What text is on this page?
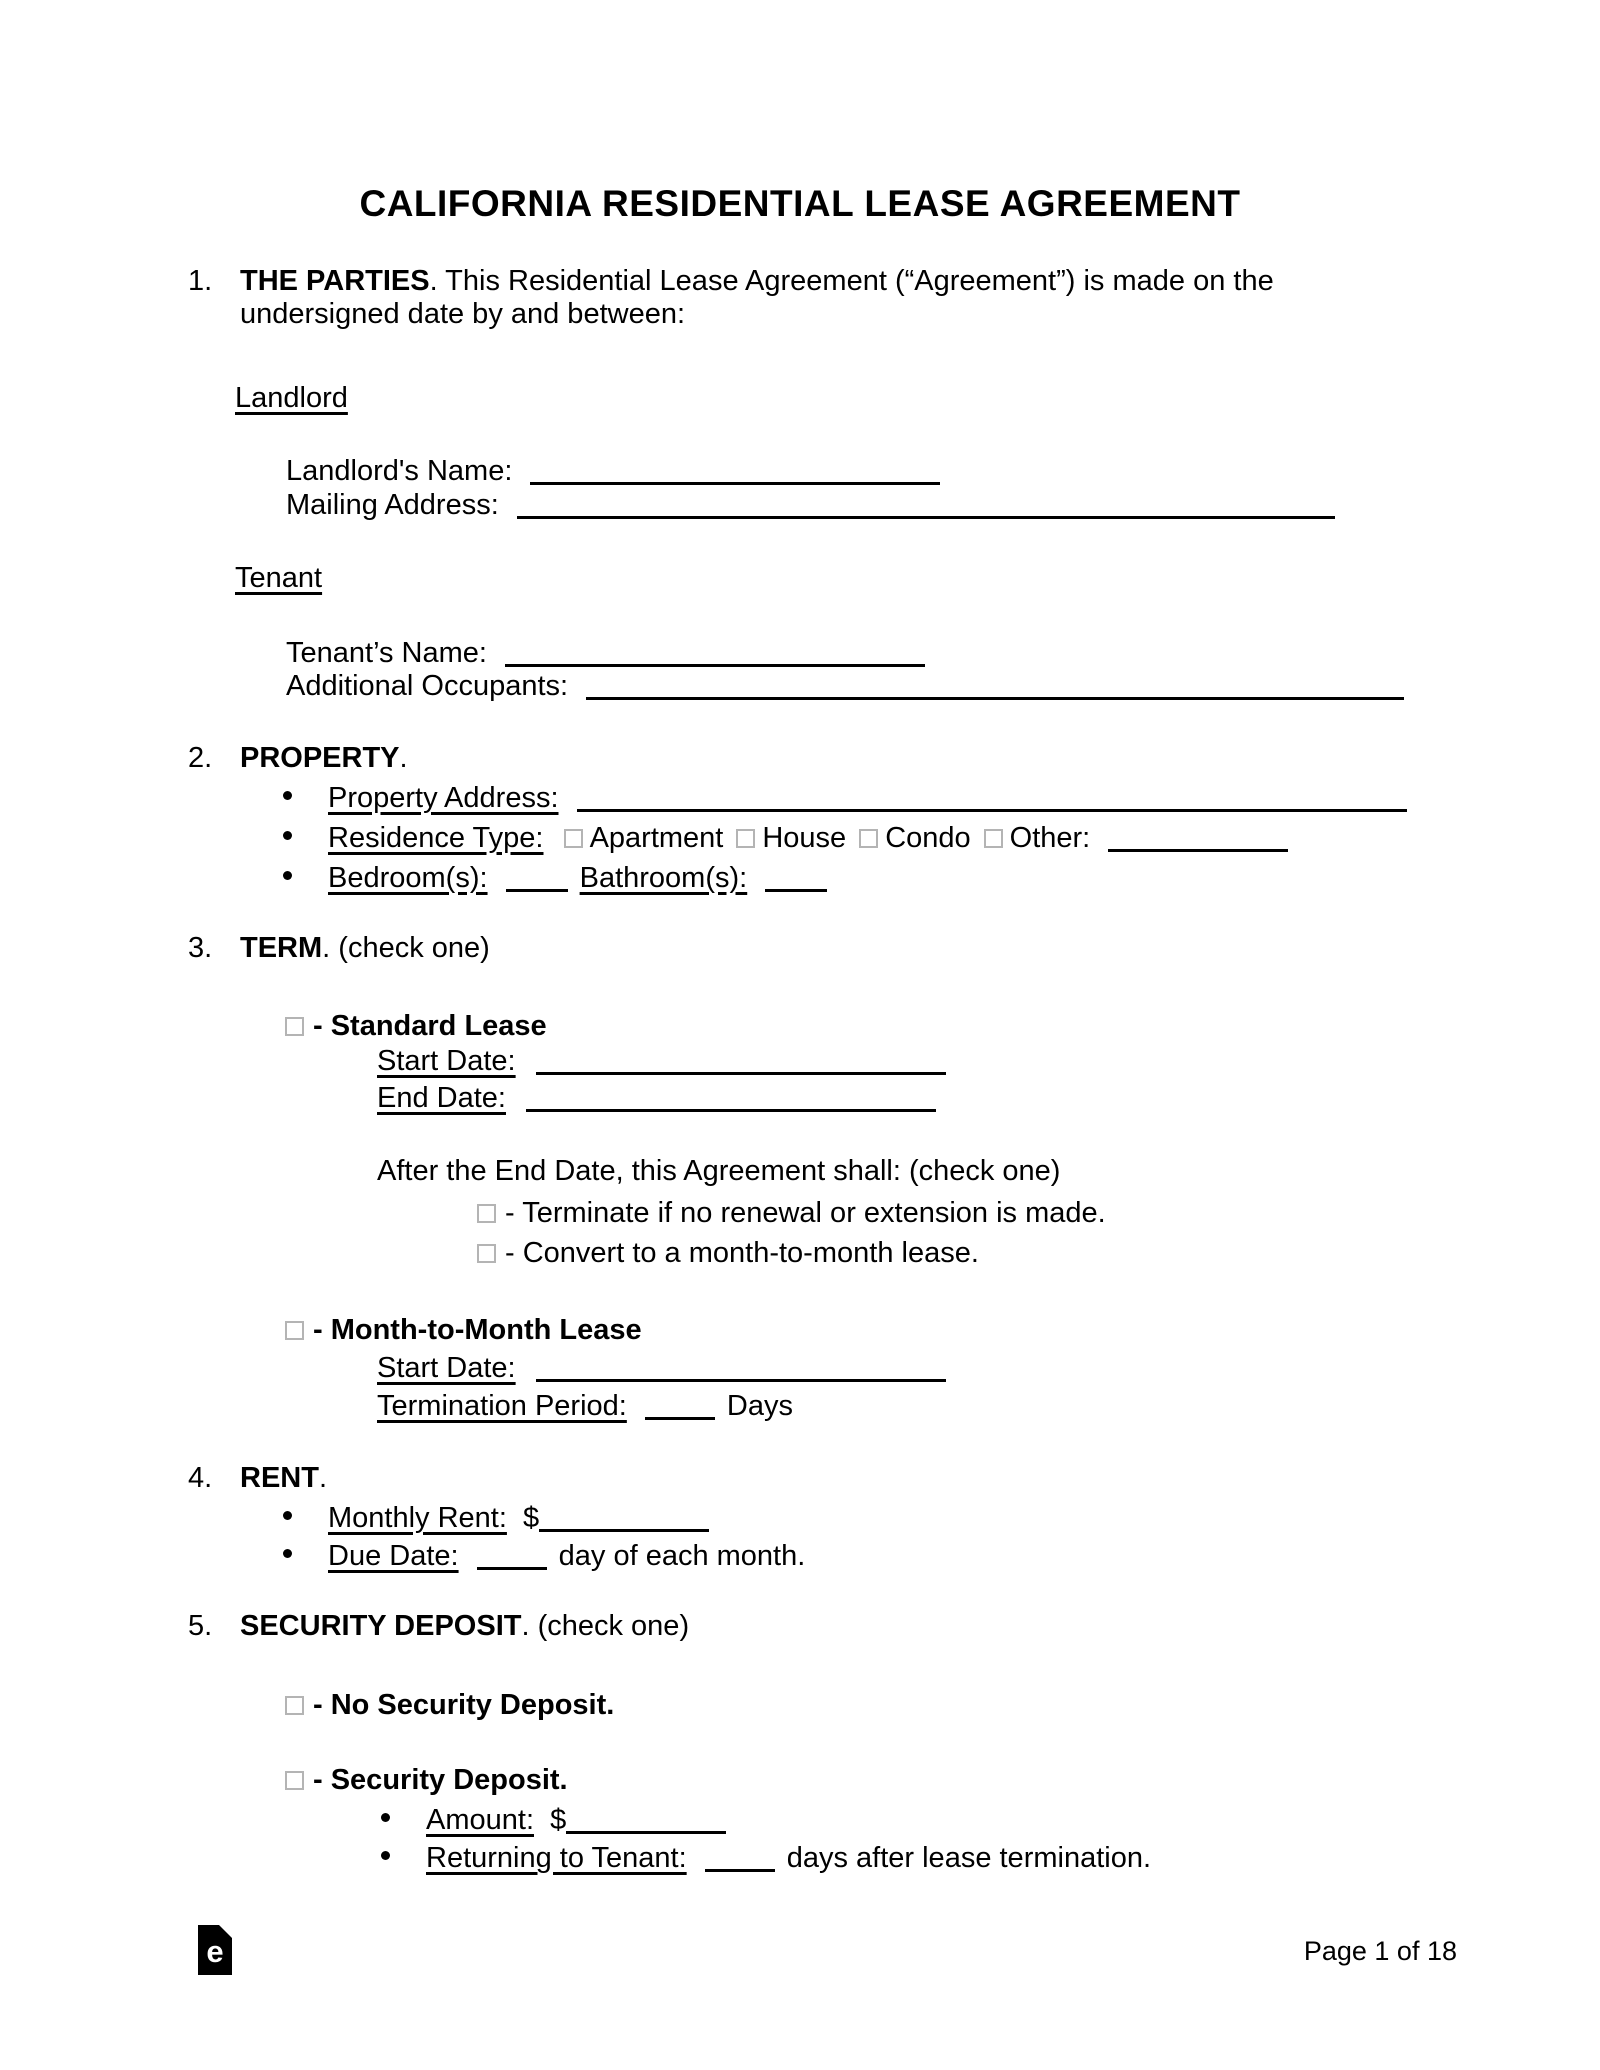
CALIFORNIA RESIDENTIAL LEASE AGREEMENT
1. THE PARTIES. This Residential Lease Agreement (“Agreement”) is made on the undersigned date by and between:
Landlord
Landlord's Name:
Mailing Address:
Tenant
Tenant’s Name:
Additional Occupants:
2. PROPERTY.
Property Address:
Residence Type: Apartment House Condo Other:
Bedroom(s):	Bathroom(s):
3. TERM. (check one)
- Standard Lease
Start Date:
End Date:
After the End Date, this Agreement shall: (check one)
- Terminate if no renewal or extension is made.
- Convert to a month-to-month lease.
- Month-to-Month Lease
Start Date:
Termination Period:	Days
4. RENT.
Monthly Rent: $
Due Date:	day of each month.
5. SECURITY DEPOSIT. (check one)
- No Security Deposit.
- Security Deposit.
Amount: $
Returning to Tenant:	days after lease termination.
e	Page 1 of 18
